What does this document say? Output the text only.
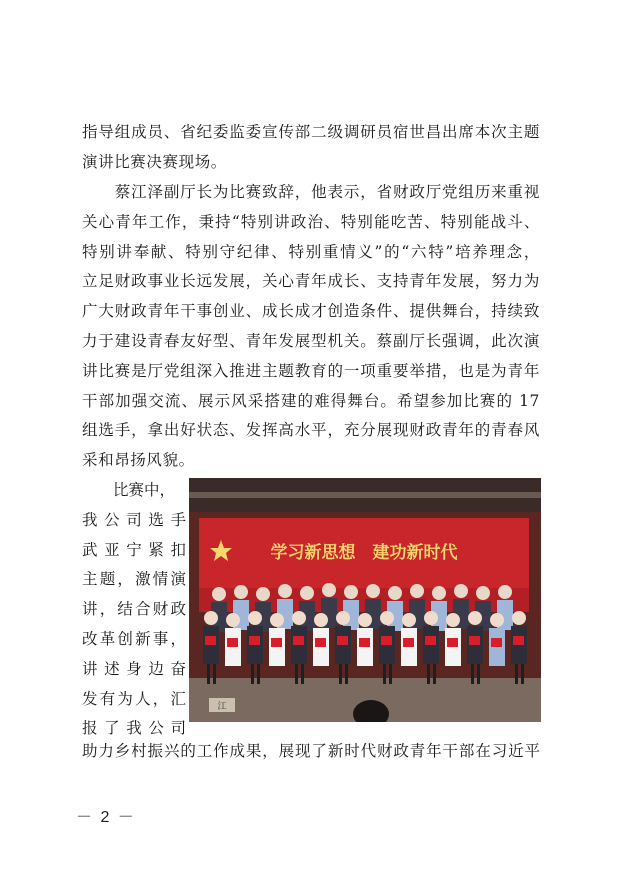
指导组成员、省纪委监委宣传部二级调研员宿世昌出席本次主题
演讲比赛决赛现场。
　　蔡江泽副厅长为比赛致辞，他表示，省财政厅党组历来重视
关心青年工作，秉持“特别讲政治、特别能吃苦、特别能战斗、
特别讲奉献、特别守纪律、特别重情义”的“六特”培养理念，
立足财政事业长远发展，关心青年成长、支持青年发展，努力为
广大财政青年干事创业、成长成才创造条件、提供舞台，持续致
力于建设青春友好型、青年发展型机关。蔡副厅长强调，此次演
讲比赛是厅党组深入推进主题教育的一项重要举措，也是为青年
干部加强交流、展示风采搭建的难得舞台。希望参加比赛的 17
组选手，拿出好状态、发挥高水平，充分展现财政青年的青春风
采和昂扬风貌。
　　比赛中，
我公司选手
武亚宁紧扣
主题，激情演
讲，结合财政
改革创新事，
讲述身边奋
发有为人，汇
报了我公司
学习新思想　建功新时代
江
助力乡村振兴的工作成果，展现了新时代财政青年干部在习近平
－ 2 －
